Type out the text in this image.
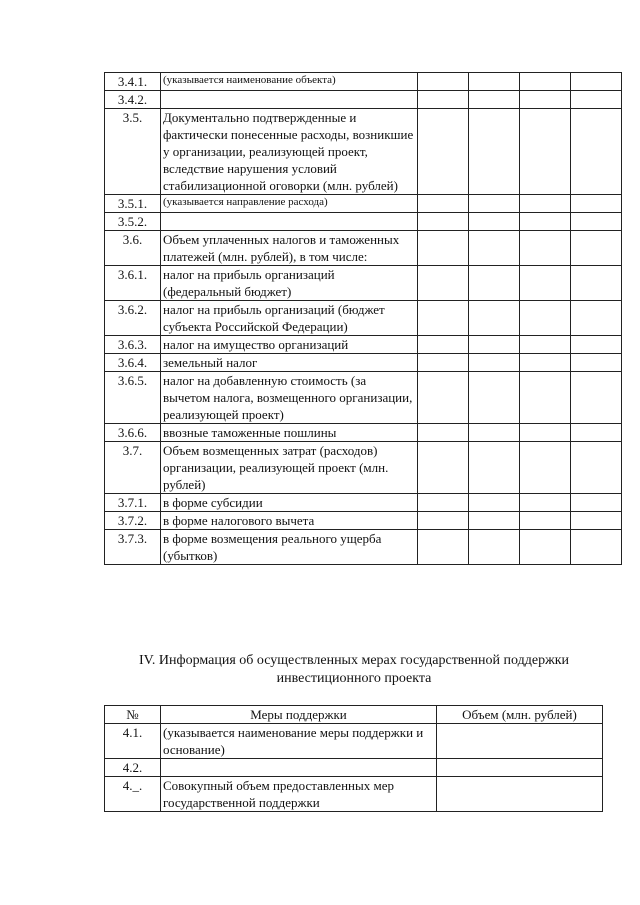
3.4.1.	(указывается наименование объекта)				
3.4.2.					
3.5.	Документально подтвержденные и фактически понесенные расходы, возникшие у организации, реализующей проект, вследствие нарушения условий стабилизационной оговорки (млн. рублей)				
3.5.1.	(указывается направление расхода)				
3.5.2.					
3.6.	Объем уплаченных налогов и таможенных платежей (млн. рублей), в том числе:				
3.6.1.	налог на прибыль организаций (федеральный бюджет)				
3.6.2.	налог на прибыль организаций (бюджет субъекта Российской Федерации)				
3.6.3.	налог на имущество организаций				
3.6.4.	земельный налог				
3.6.5.	налог на добавленную стоимость (за вычетом налога, возмещенного организации, реализующей проект)				
3.6.6.	ввозные таможенные пошлины				
3.7.	Объем возмещенных затрат (расходов) организации, реализующей проект (млн. рублей)				
3.7.1.	в форме субсидии				
3.7.2.	в форме налогового вычета				
3.7.3.	в форме возмещения реального ущерба (убытков)				
IV. Информация об осуществленных мерах государственной поддержки
инвестиционного проекта
№	Меры поддержки	Объем (млн. рублей)
4.1.	(указывается наименование меры поддержки и основание)	
4.2.		
4._.	Совокупный объем предоставленных мер государственной поддержки	
